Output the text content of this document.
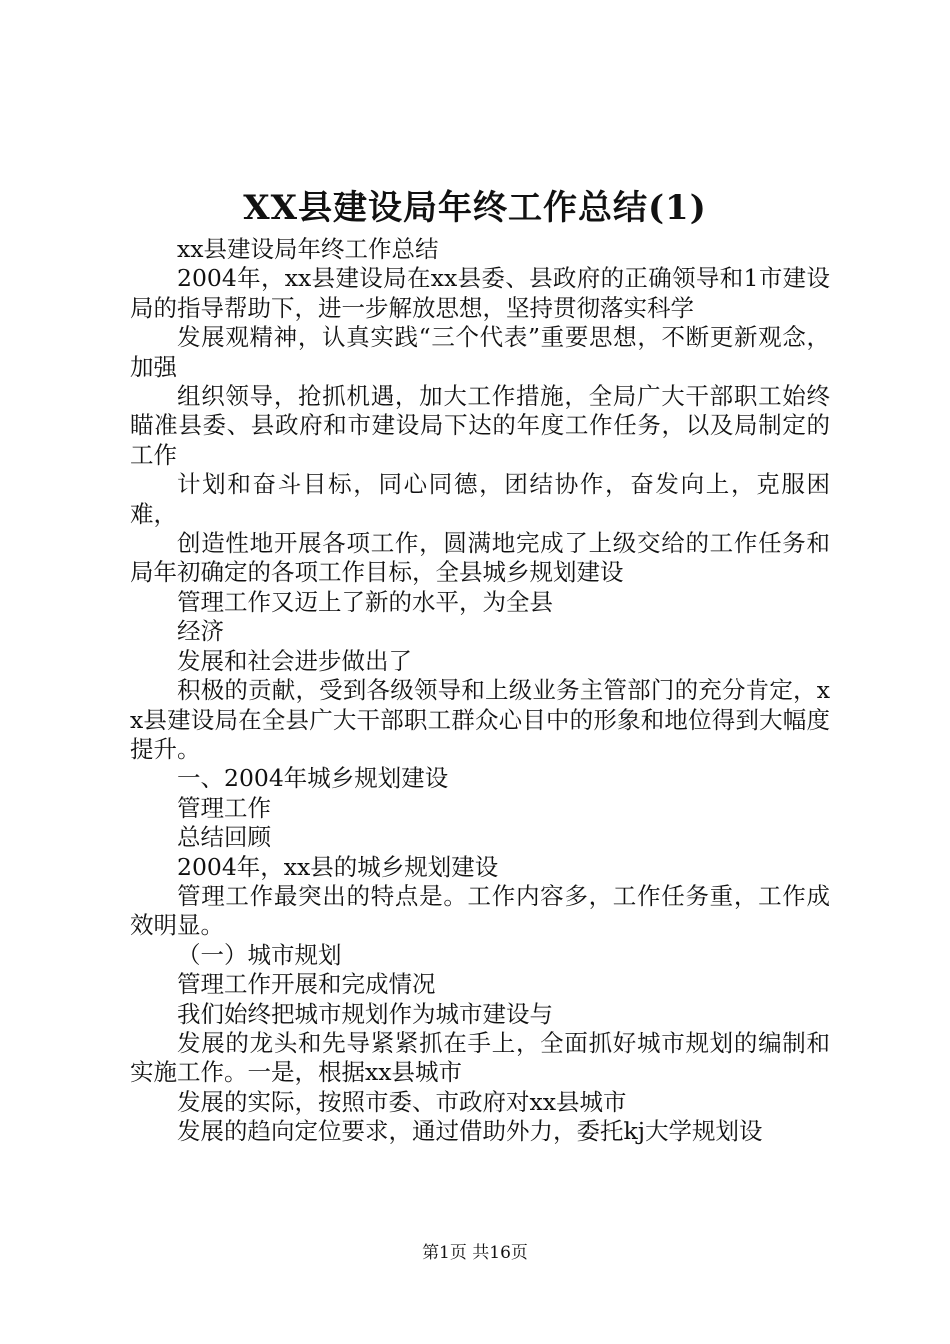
XX县建设局年终工作总结(1)

xx县建设局年终工作总结

2004年，xx县建设局在xx县委、县政府的正确领导和1市建设局的指导帮助下，进一步解放思想，坚持贯彻落实科学

发展观精神，认真实践“三个代表”重要思想，不断更新观念，加强

组织领导，抢抓机遇，加大工作措施，全局广大干部职工始终瞄准县委、县政府和市建设局下达的年度工作任务，以及局制定的工作

计划和奋斗目标，同心同德，团结协作，奋发向上，克服困难，

创造性地开展各项工作，圆满地完成了上级交给的工作任务和局年初确定的各项工作目标，全县城乡规划建设

管理工作又迈上了新的水平，为全县

经济

发展和社会进步做出了

积极的贡献，受到各级领导和上级业务主管部门的充分肯定，xx县建设局在全县广大干部职工群众心目中的形象和地位得到大幅度提升。

一、2004年城乡规划建设

管理工作

总结回顾

2004年，xx县的城乡规划建设

管理工作最突出的特点是。工作内容多，工作任务重，工作成效明显。

（一）城市规划

管理工作开展和完成情况

我们始终把城市规划作为城市建设与

发展的龙头和先导紧紧抓在手上，全面抓好城市规划的编制和实施工作。一是，根据xx县城市

发展的实际，按照市委、市政府对xx县城市

发展的趋向定位要求，通过借助外力，委托kj大学规划设

第1页 共16页
